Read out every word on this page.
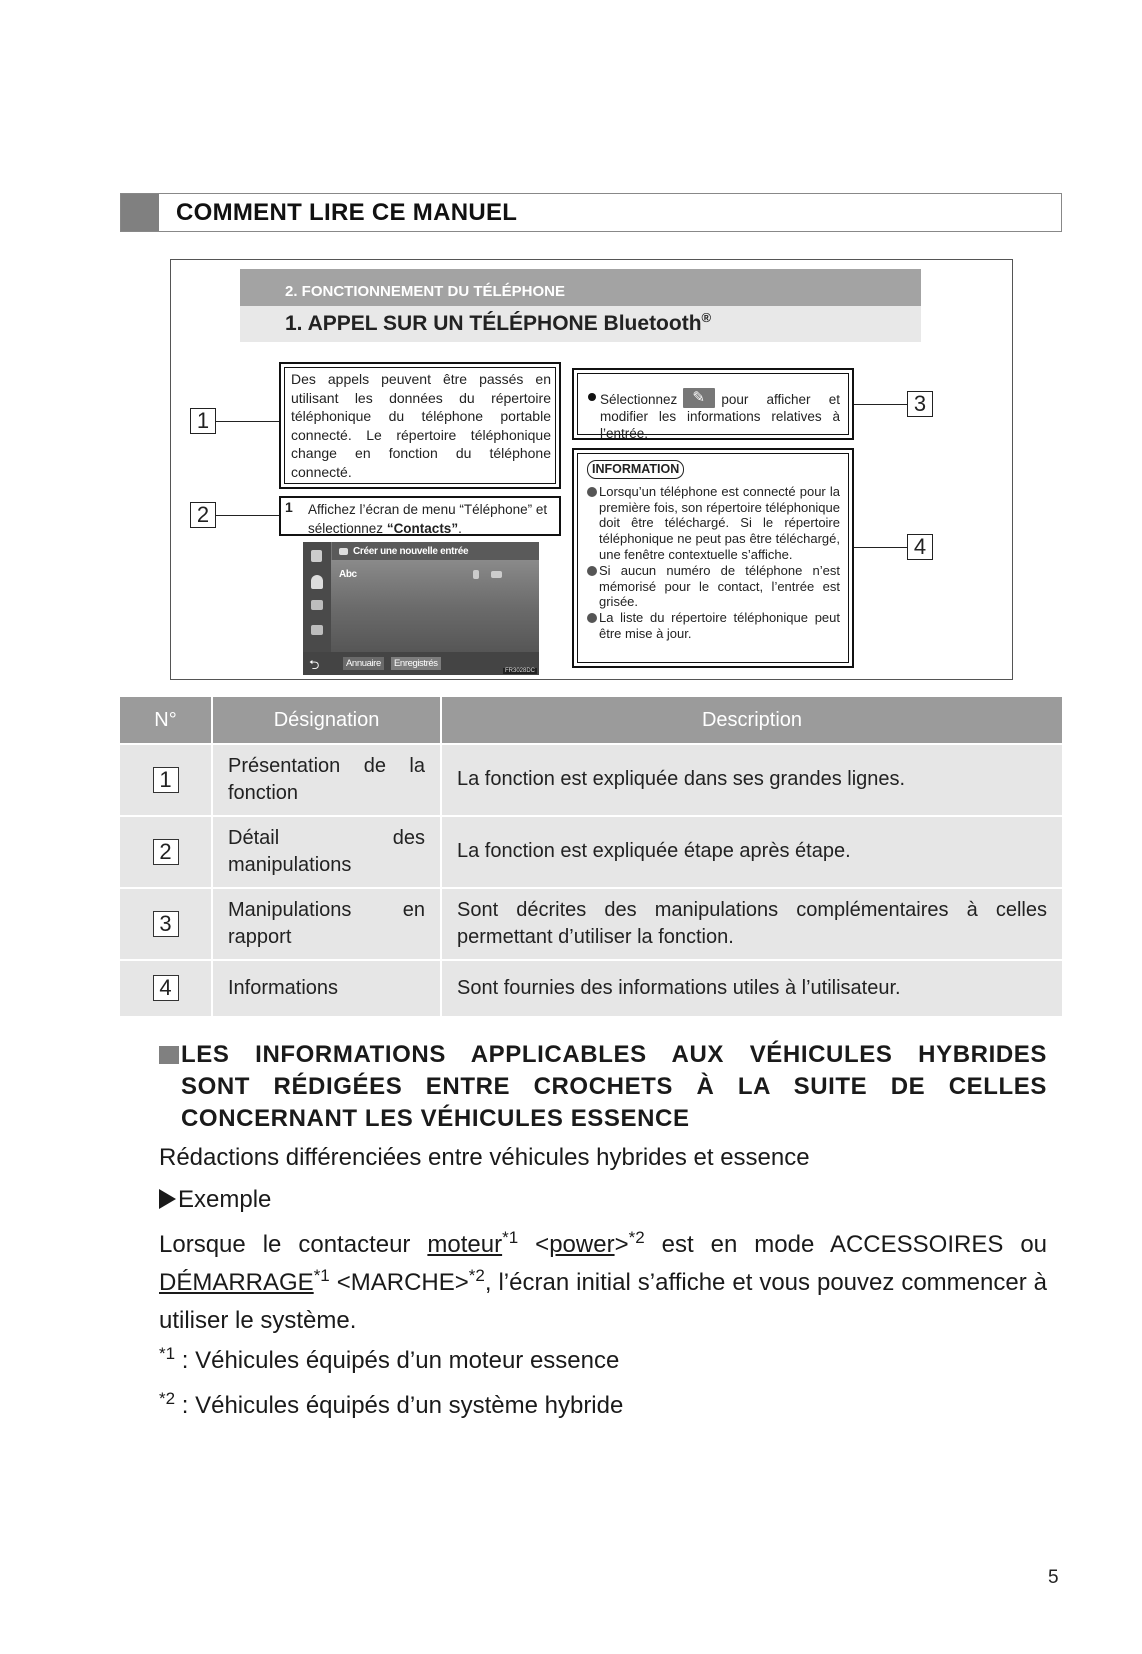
COMMENT LIRE CE MANUEL
2. FONCTIONNEMENT DU TÉLÉPHONE
1. APPEL SUR UN TÉLÉPHONE Bluetooth®
Des appels peuvent être passés en utilisant les données du répertoire téléphonique du téléphone portable connecté. Le répertoire téléphonique change en fonction du téléphone connecté.
1 Affichez l’écran de menu “Téléphone” et sélectionnez “Contacts”.
Créer une nouvelle entrée
Abc
⮌	Annuaire	Enregistrés
FR3028DC
Sélectionnez ✎	pour afficher et modifier les informations relatives à l’entrée.
INFORMATION
Lorsqu’un téléphone est connecté pour la première fois, son répertoire téléphonique doit être téléchargé. Si le répertoire téléphonique ne peut pas être téléchargé, une fenêtre contextuelle s’affiche.
Si aucun numéro de téléphone n’est mémorisé pour le contact, l’entrée est grisée.
La liste du répertoire téléphonique peut être mise à jour.
1
2
3
4
N°	Désignation	Description
1	Présentation de la fonction	La fonction est expliquée dans ses grandes lignes.
2	Détail des manipulations	La fonction est expliquée étape après étape.
3	Manipulations en rapport	Sont décrites des manipulations complémentaires à celles permettant d’utiliser la fonction.
4	Informations	Sont fournies des informations utiles à l’utilisateur.
LES INFORMATIONS APPLICABLES AUX VÉHICULES HYBRIDES
SONT RÉDIGÉES ENTRE CROCHETS À LA SUITE DE CELLES
CONCERNANT LES VÉHICULES ESSENCE
Rédactions différenciées entre véhicules hybrides et essence
Exemple
Lorsque le contacteur moteur$^{*1}$ <power>$^{*2}$ est en mode ACCESSOIRES ou $DÉMARRAGE^{*1}$ <MARCHE>$^{*2}$, l’écran initial s’affiche et vous pouvez commencer à utiliser le système.
$^{*1}$ : Véhicules équipés d’un moteur essence
$^{*2}$ : Véhicules équipés d’un système hybride
5
